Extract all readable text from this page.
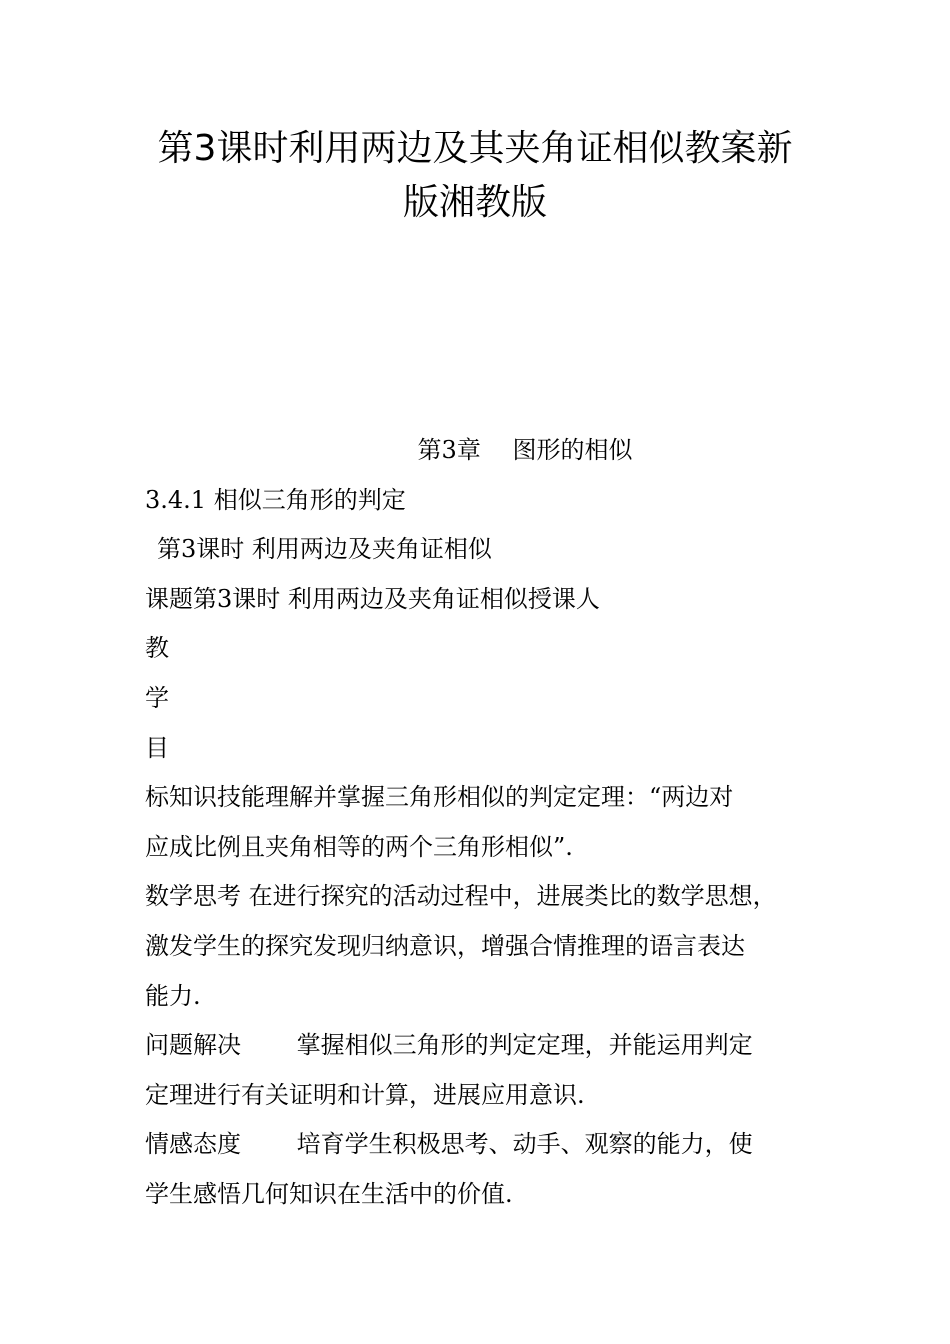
第3课时利用两边及其夹角证相似教案新
版湘教版
第3章　 图形的相似
3.4.1 相似三角形的判定
第3课时 利用两边及夹角证相似
课题第3课时 利用两边及夹角证相似授课人
教
学
目
标知识技能理解并掌握三角形相似的判定定理：“两边对
应成比例且夹角相等的两个三角形相似”.
数学思考 在进行探究的活动过程中，进展类比的数学思想，
激发学生的探究发现归纳意识，增强合情推理的语言表达
能力.
问题解决　　 掌握相似三角形的判定定理，并能运用判定
定理进行有关证明和计算，进展应用意识.
情感态度　　 培育学生积极思考、动手、观察的能力，使
学生感悟几何知识在生活中的价值.
